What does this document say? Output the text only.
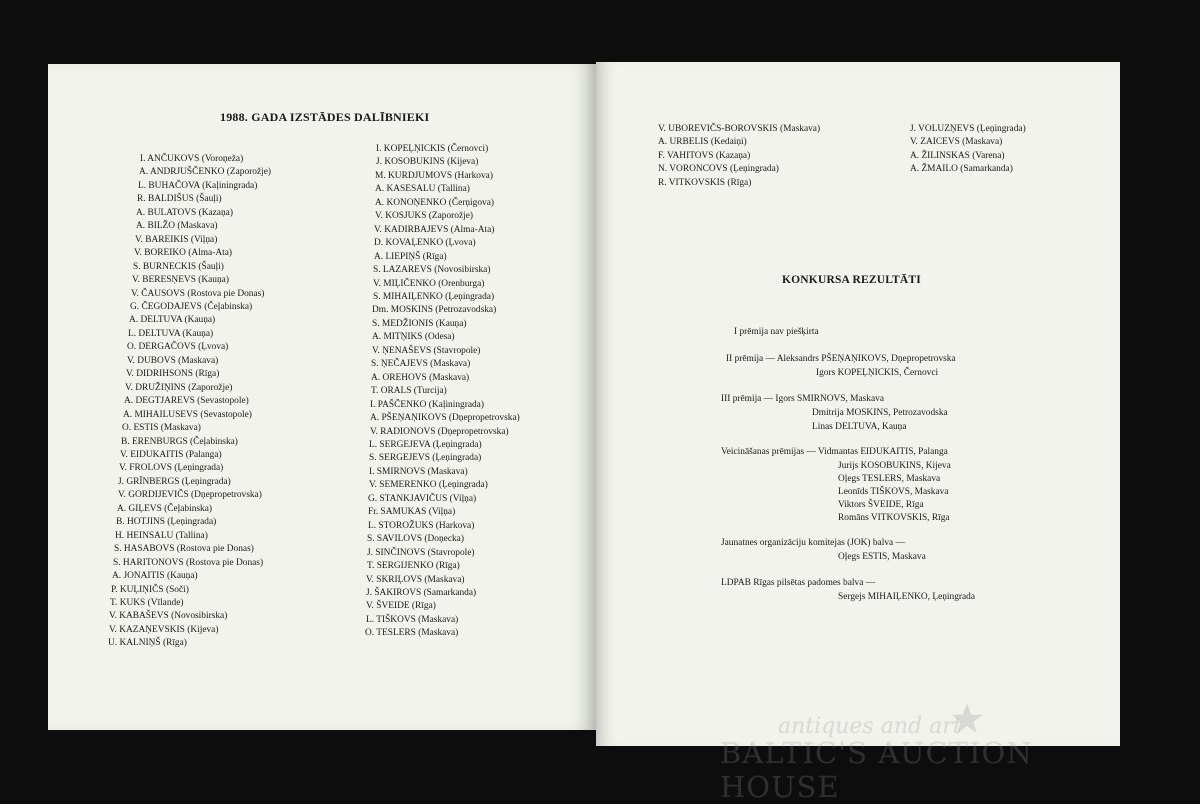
1988. GADA IZSTĀDES DALĪBNIEKI
I. ANČUKOVS (Voroņeža)
A. ANDRJUŠČENKO (Zaporožje)
L. BUHAČOVA (Kaļiningrada)
R. BALDIŠUS (Šauļi)
A. BULATOVS (Kazaņa)
A. BILŽO (Maskava)
V. BAREIKIS (Viļņa)
V. BOREIKO (Alma-Ata)
S. BURNECKIS (Šauļi)
V. BERESŅEVS (Kauņa)
V. ČAUSOVS (Rostova pie Donas)
G. ČEGODAJEVS (Čeļabinska)
A. DELTUVA (Kauņa)
L. DELTUVA (Kauņa)
O. DERGAČOVS (Ļvova)
V. DUBOVS (Maskava)
V. DIDRIHSONS (Rīga)
V. DRUŽIŅINS (Zaporožje)
A. DEGTJAREVS (Sevastopole)
A. MIHAILUSEVS (Sevastopole)
O. ESTIS (Maskava)
B. ERENBURGS (Čeļabinska)
V. EIDUKAITIS (Palanga)
V. FROLOVS (Ļeņingrada)
J. GRĪNBERGS (Ļeņingrada)
V. GORDIJEVIČS (Dņepropetrovska)
A. GIĻEVS (Čeļabinska)
B. HOTJINS (Ļeņingrada)
H. HEINSALU (Tallina)
S. HASABOVS (Rostova pie Donas)
S. HARITONOVS (Rostova pie Donas)
A. JONAITIS (Kauņa)
P. KUĻIŅIČS (Soči)
T. KUKS (Vīlande)
V. KABAŠEVS (Novosibirska)
V. KAZAŅEVSKIS (Kijeva)
U. KALNIŅŠ (Rīga)
I. KOPEĻŅICKIS (Černovci)
J. KOSOBUKINS (Kijeva)
M. KURDJUMOVS (Harkova)
A. KASESALU (Tallina)
A. KONOŅENKO (Čerņigova)
V. KOSJUKS (Zaporožje)
V. KADIRBAJEVS (Alma-Ata)
D. KOVAĻENKO (Ļvova)
A. LIEPIŅŠ (Rīga)
S. LAZAREVS (Novosibirska)
V. MIĻIČENKO (Orenburga)
S. MIHAIĻENKO (Ļeņingrada)
Dm. MOSKINS (Petrozavodska)
S. MEDŽIONIS (Kauņa)
A. MITŅIKS (Odesa)
V. ŅENAŠEVS (Stavropole)
S. ŅEČAJEVS (Maskava)
A. OREHOVS (Maskava)
T. ORALS (Turcija)
I. PAŠČENKO (Kaļiningrada)
A. PŠEŅAŅIKOVS (Dņepropetrovska)
V. RADIONOVS (Dņepropetrovska)
L. SERGEJEVA (Ļeņingrada)
S. SERGEJEVS (Ļeņingrada)
I. SMIRNOVS (Maskava)
V. SEMERENKO (Ļeņingrada)
G. STANKJAVIČUS (Viļņa)
Fr. SAMUKAS (Viļņa)
L. STOROŽUKS (Harkova)
S. SAVILOVS (Doņecka)
J. SINČINOVS (Stavropole)
T. SERGIJENKO (Rīga)
V. SKRIĻOVS (Maskava)
J. ŠAKIROVS (Samarkanda)
V. ŠVEIDE (Rīga)
L. TIŠKOVS (Maskava)
O. TESLERS (Maskava)
V. UBOREVIČS-BOROVSKIS (Maskava)
A. URBELIS (Kedaiņi)
F. VAHITOVS (Kazaņa)
N. VORONCOVS (Ļeņingrada)
R. VITKOVSKIS (Rīga)
J. VOLUZŅEVS (Ļeņingrada)
V. ZAICEVS (Maskava)
A. ŽILINSKAS (Varena)
A. ŽMAILO (Samarkanda)
KONKURSA REZULTĀTI
I prēmija nav piešķirta
II prēmija — Aleksandrs PŠEŅAŅIKOVS, Dņepropetrovska
Igors KOPEĻŅICKIS, Černovci
III prēmija — Igors SMIRNOVS, Maskava
Dmitrija MOSKINS, Petrozavodska
Linas DELTUVA, Kauņa
Veicināšanas prēmijas — Vidmantas EIDUKAITIS, Palanga
Jurijs KOSOBUKINS, Kijeva
Oļegs TESLERS, Maskava
Leonīds TIŠKOVS, Maskava
Viktors ŠVEIDE, Rīga
Romāns VITKOVSKIS, Rīga
Jaunatnes organizāciju komitejas (JOK) balva —
Oļegs ESTIS, Maskava
LDPAB Rīgas pilsētas padomes balva —
Sergejs MIHAIĻENKO, Ļeņingrada
antiques and art
BALTIC'S AUCTION HOUSE
